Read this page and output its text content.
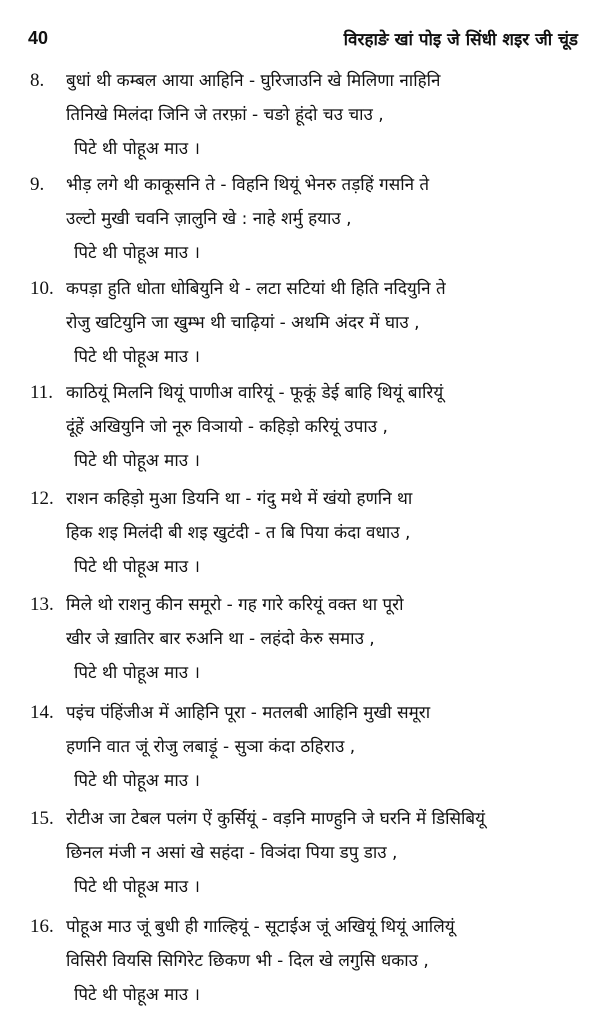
40	विरहाङे खां पोइ जे सिंधी शइर जी चूंड
8. बुधां थी कम्बल आया आहिनि - घुरिजाउनि खे मिलिणा नाहिनि
तिनिखे मिलंदा जिनि जे तरफ़ां - चङो हूंदो चउ चाउ ,
पिटे थी पोहूअ माउ ।
9. भीड़ लगे थी काकूसनि ते - विहनि थियूं भेनरु तड़हिं गसनि ते
उल्टो मुखी चवनि ज़ालुनि खे : नाहे शर्मु हयाउ ,
पिटे थी पोहूअ माउ ।
10. कपड़ा हुति धोता धोबियुनि थे - लटा सटियां थी हिति नदियुनि ते
रोजु खटियुनि जा खुम्भ थी चाढ़ियां - अथमि अंदर में घाउ ,
पिटे थी पोहूअ माउ ।
11. काठियूं मिलनि थियूं पाणीअ वारियूं - फूकूं डेई बाहि थियूं बारियूं
दूंहें अखियुनि जो नूरु विञायो - कहिड़ो करियूं उपाउ ,
पिटे थी पोहूअ माउ ।
12. राशन कहिड़ो मुआ डियनि था - गंदु मथे में खंयो हणनि था
हिक शइ मिलंदी बी शइ खुटंदी - त बि पिया कंदा वधाउ ,
पिटे थी पोहूअ माउ ।
13. मिले थो राशनु कीन समूरो - गह गारे करियूं वक्त था पूरो
खीर जे ख़ातिर बार रुअनि था - लहंदो केरु समाउ ,
पिटे थी पोहूअ माउ ।
14. पइंच पंहिंजीअ में आहिनि पूरा - मतलबी आहिनि मुखी समूरा
हणनि वात जूं रोजु लबाड़ूं - सुञा कंदा ठहिराउ ,
पिटे थी पोहूअ माउ ।
15. रोटीअ जा टेबल पलंग ऐं कुर्सियूं - वड़नि माण्हुनि जे घरनि में डिसिबियूं
छिनल मंजी न असां खे सहंदा - विञंदा पिया डपु डाउ ,
पिटे थी पोहूअ माउ ।
16. पोहूअ माउ जूं बुधी ही गाल्हियूं - सूटाईअ जूं अखियूं थियूं आलियूं
विसिरी वियसि सिगिरेट छिकण भी - दिल खे लगुसि धकाउ ,
पिटे थी पोहूअ माउ ।
